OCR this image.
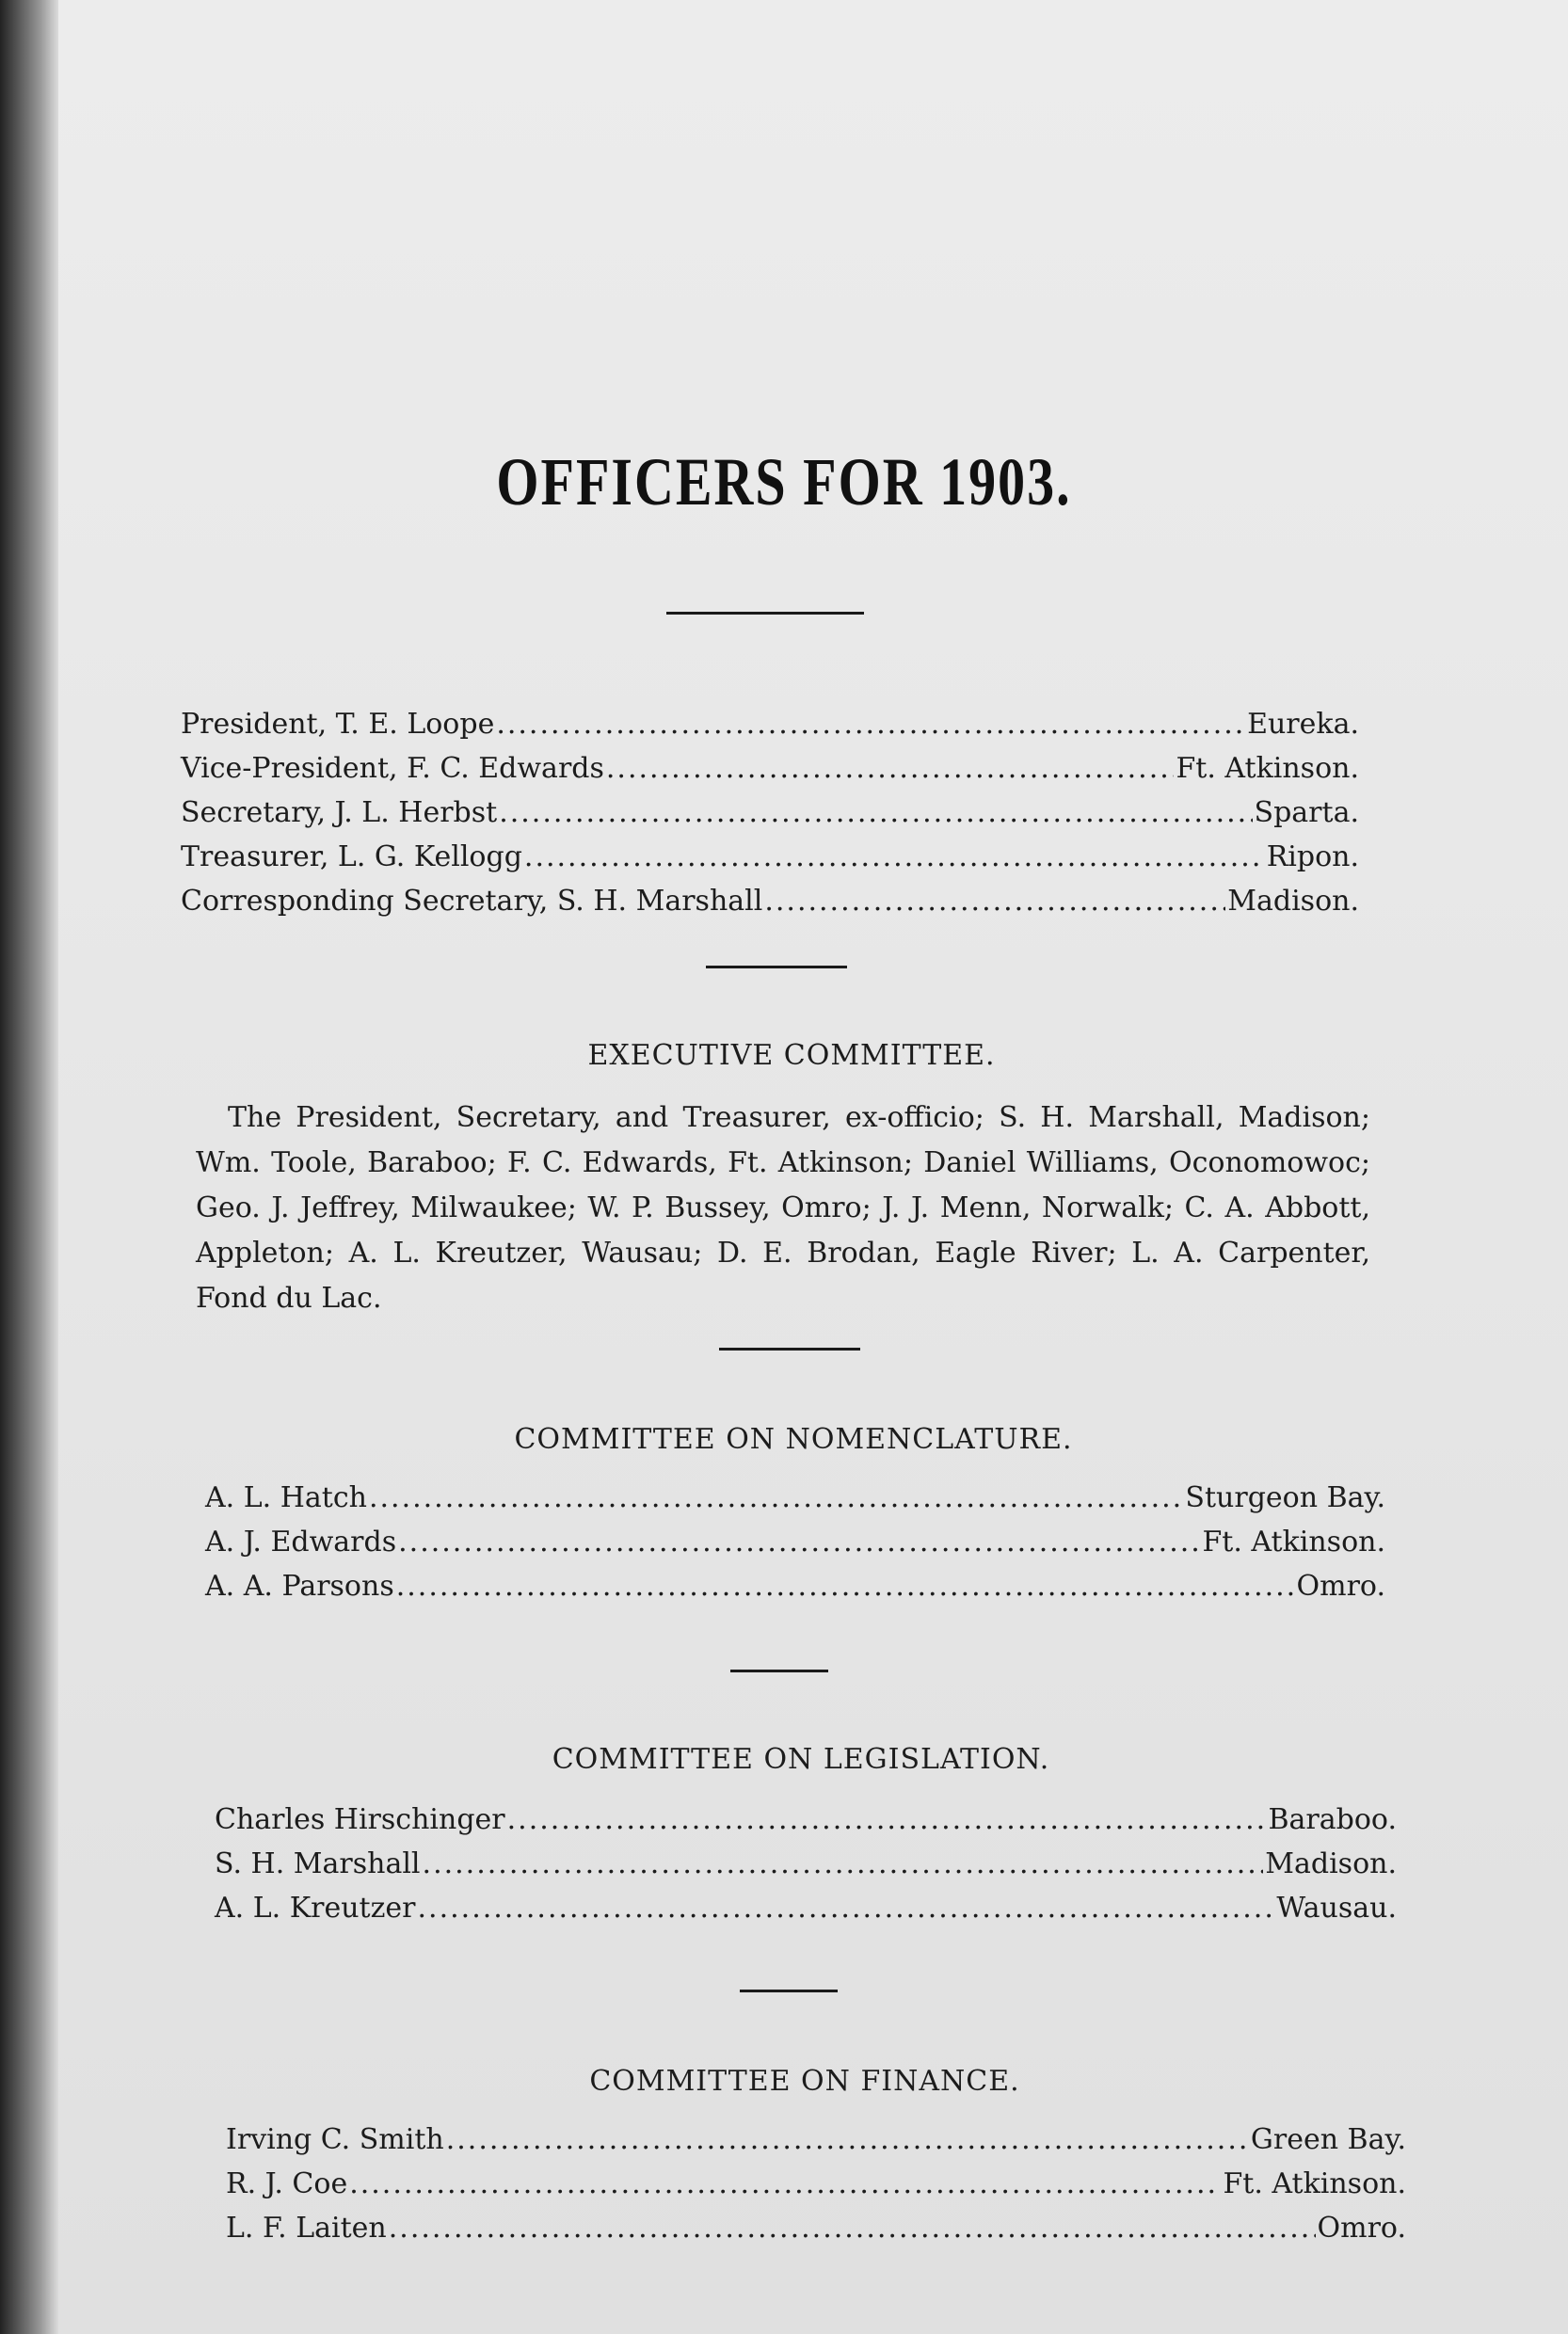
OFFICERS FOR 1903.
President, T. E. Loope .....	Eureka.
Vice-President, F. C. Edwards .....	Ft. Atkinson.
Secretary, J. L. Herbst .....	Sparta.
Treasurer, L. G. Kellogg .....	Ripon.
Corresponding Secretary, S. H. Marshall .....	Madison.
EXECUTIVE COMMITTEE.
The President, Secretary, and Treasurer, ex-officio; S. H. Marshall, Madison; Wm. Toole, Baraboo; F. C. Edwards, Ft. Atkinson; Daniel Williams, Oconomowoc; Geo. J. Jeffrey, Milwaukee; W. P. Bussey, Omro; J. J. Menn, Norwalk; C. A. Abbott, Appleton; A. L. Kreutzer, Wausau; D. E. Brodan, Eagle River; L. A. Carpenter, Fond du Lac.
COMMITTEE ON NOMENCLATURE.
A. L. Hatch .....	Sturgeon Bay.
A. J. Edwards .....	Ft. Atkinson.
A. A. Parsons .....	Omro.
COMMITTEE ON LEGISLATION.
Charles Hirschinger .....	Baraboo.
S. H. Marshall .....	Madison.
A. L. Kreutzer .....	Wausau.
COMMITTEE ON FINANCE.
Irving C. Smith .....	Green Bay.
R. J. Coe .....	Ft. Atkinson.
L. F. Laiten .....	Omro.
